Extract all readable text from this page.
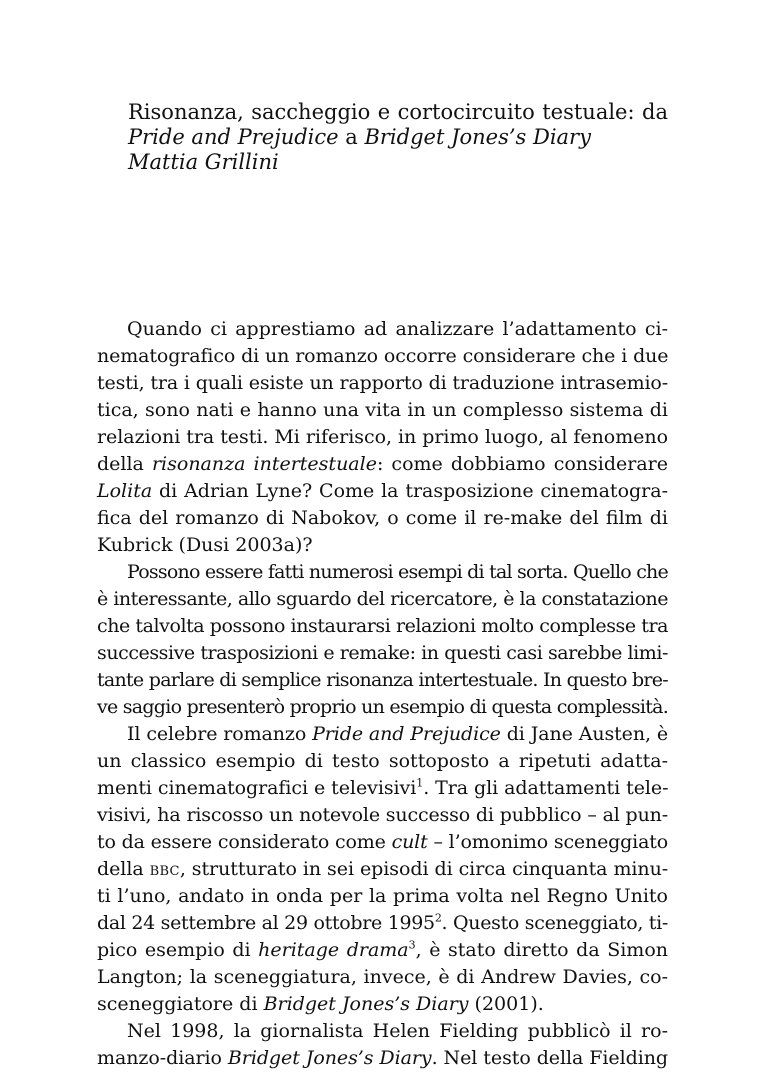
Risonanza, saccheggio e cortocircuito testuale: da
Pride and Prejudice a Bridget Jones’s Diary
Mattia Grillini
Quando ci apprestiamo ad analizzare l’adattamento ci-
nematografico di un romanzo occorre considerare che i due
testi, tra i quali esiste un rapporto di traduzione intrasemio-
tica, sono nati e hanno una vita in un complesso sistema di
relazioni tra testi. Mi riferisco, in primo luogo, al fenomeno
della risonanza intertestuale: come dobbiamo considerare
Lolita di Adrian Lyne? Come la trasposizione cinematogra-
fica del romanzo di Nabokov, o come il re-make del film di
Kubrick (Dusi 2003a)?
Possono essere fatti numerosi esempi di tal sorta. Quello che
è interessante, allo sguardo del ricercatore, è la constatazione
che talvolta possono instaurarsi relazioni molto complesse tra
successive trasposizioni e remake: in questi casi sarebbe limi-
tante parlare di semplice risonanza intertestuale. In questo bre-
ve saggio presenterò proprio un esempio di questa complessità.
Il celebre romanzo Pride and Prejudice di Jane Austen, è
un classico esempio di testo sottoposto a ripetuti adatta-
menti cinematografici e televisivi$^1$. Tra gli adattamenti tele-
visivi, ha riscosso un notevole successo di pubblico – al pun-
to da essere considerato come cult – l’omonimo sceneggiato
della BBC, strutturato in sei episodi di circa cinquanta minu-
ti l’uno, andato in onda per la prima volta nel Regno Unito
dal 24 settembre al 29 ottobre 1995$^2$. Questo sceneggiato, ti-
pico esempio di heritage drama$^3$, è stato diretto da Simon
Langton; la sceneggiatura, invece, è di Andrew Davies, co-
sceneggiatore di Bridget Jones’s Diary (2001).
Nel 1998, la giornalista Helen Fielding pubblicò il ro-
manzo-diario Bridget Jones’s Diary. Nel testo della Fielding
